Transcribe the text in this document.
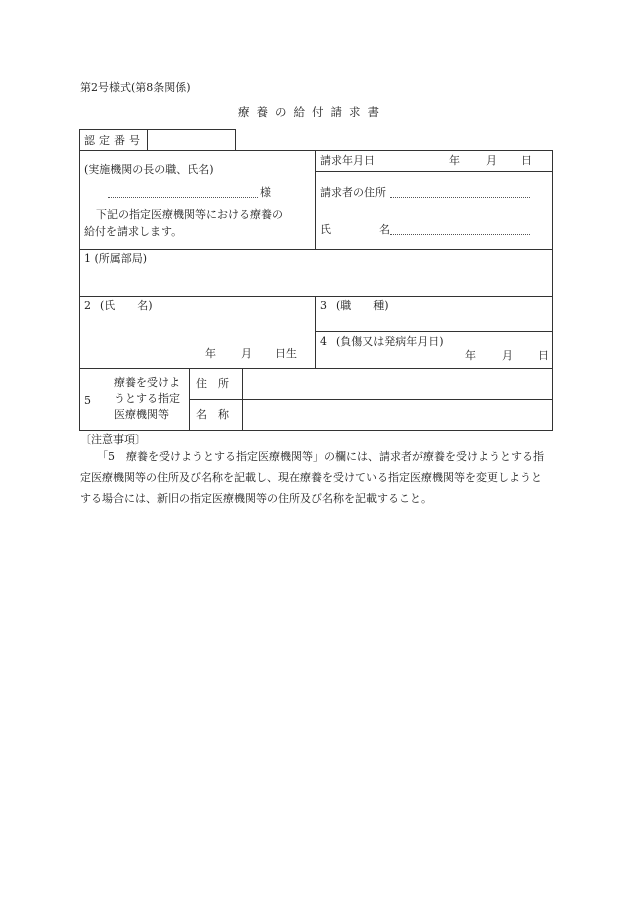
第2号様式(第8条関係)
療養の給付請求書
認定番号
(実施機関の長の職、氏名)
様
下記の指定医療機関等における療養の
給付を請求します。
請求年月日	年 月 日
請求者の住所
氏	名
1 (所属部局)
2 (氏　　名)
年 月 日生
3 (職　　種)
4 (負傷又は発病年月日)
年 月 日
5
療養を受けよ
うとする指定
医療機関等
住　所
名　称
〔注意事項〕
「5　療養を受けようとする指定医療機関等」の欄には、請求者が療養を受けようとする指定医療機関等の住所及び名称を記載し、現在療養を受けている指定医療機関等を変更しようとする場合には、新旧の指定医療機関等の住所及び名称を記載すること。
